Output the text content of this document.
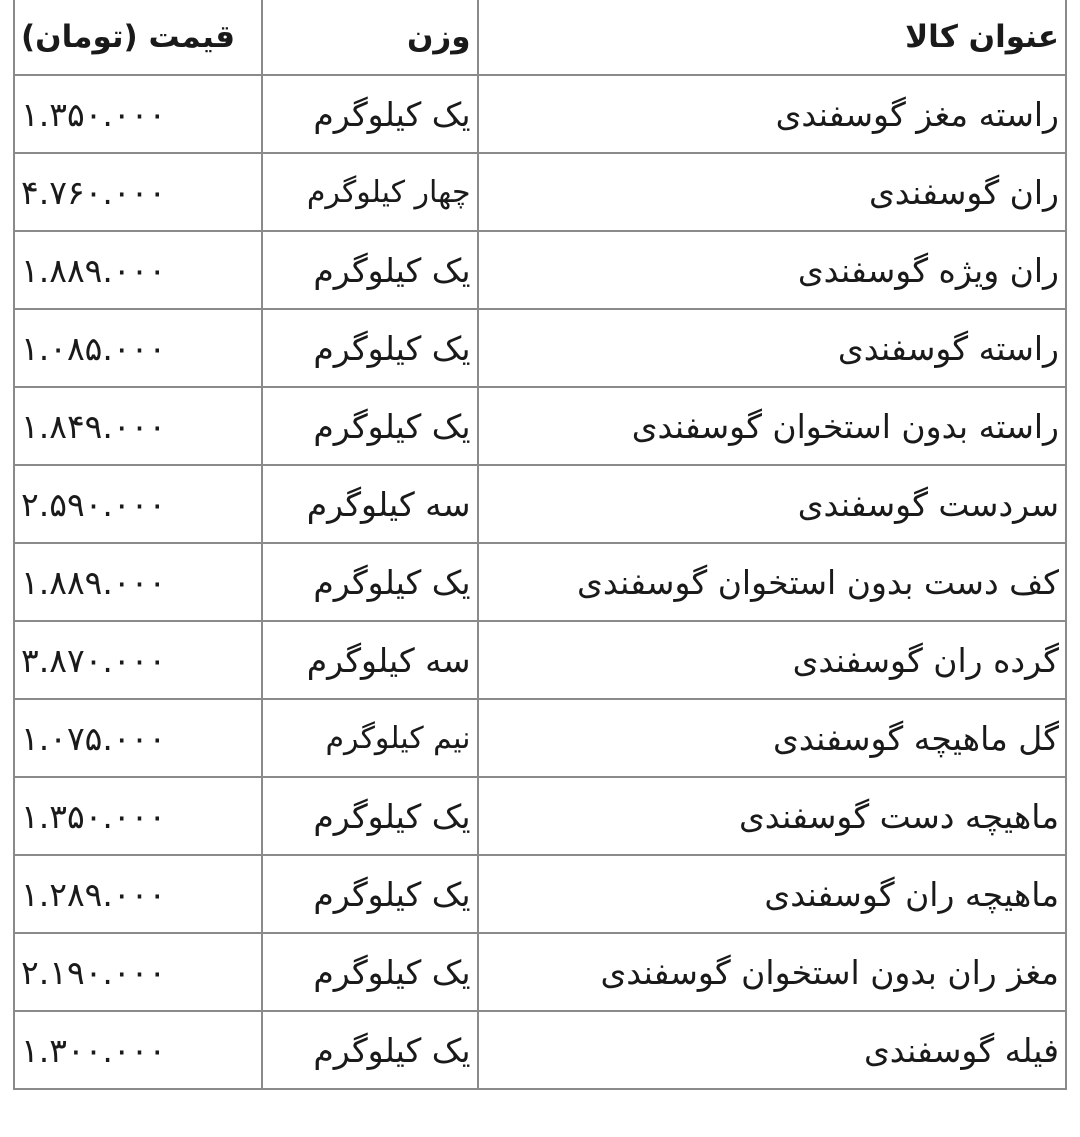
عنوان کالا	وزن	قیمت (تومان)
راسته مغز گوسفندی	یک کیلوگرم	۱.۳۵۰.۰۰۰
ران گوسفندی	چهار کیلوگرم	۴.۷۶۰.۰۰۰
ران ویژه گوسفندی	یک کیلوگرم	۱.۸۸۹.۰۰۰
راسته گوسفندی	یک کیلوگرم	۱.۰۸۵.۰۰۰
راسته بدون استخوان گوسفندی	یک کیلوگرم	۱.۸۴۹.۰۰۰
سردست گوسفندی	سه کیلوگرم	۲.۵۹۰.۰۰۰
کف دست بدون استخوان گوسفندی	یک کیلوگرم	۱.۸۸۹.۰۰۰
گرده ران گوسفندی	سه کیلوگرم	۳.۸۷۰.۰۰۰
گل ماهیچه گوسفندی	نیم کیلوگرم	۱.۰۷۵.۰۰۰
ماهیچه دست گوسفندی	یک کیلوگرم	۱.۳۵۰.۰۰۰
ماهیچه ران گوسفندی	یک کیلوگرم	۱.۲۸۹.۰۰۰
مغز ران بدون استخوان گوسفندی	یک کیلوگرم	۲.۱۹۰.۰۰۰
فیله گوسفندی	یک کیلوگرم	۱.۳۰۰.۰۰۰
